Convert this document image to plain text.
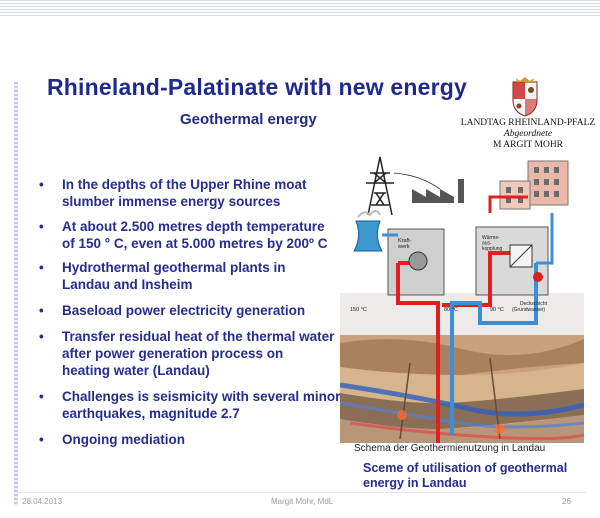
Rhineland-Palatinate with new energy
Geothermal energy	LANDTAG RHEINLAND-PFALZ
Abgeordnete
M ARGIT MOHR
• In the depths of the Upper Rhine moat
slumber immense energy sources
• At about 2.500 metres depth temperature
of 150 ° C, even at 5.000 metres by 200º C
• Hydrothermal geothermal plants in
Landau and Insheim
• Baseload power electricity generation
• Transfer residual heat of the thermal water
after power generation process on
heating water (Landau)
• Challenges is seismicity with several minor
earthquakes, magnitude 2.7
• Ongoing mediation
Kraft- werk
Wärme- aus- kopplung
150 °C	80 °C	90 °C
Deckschicht (Grundwasser)
Schema der Geothermienutzung in Landau
Sceme of utilisation of geothermal
energy in Landau
28.04.2013	Margit Mohr, MdL	26
